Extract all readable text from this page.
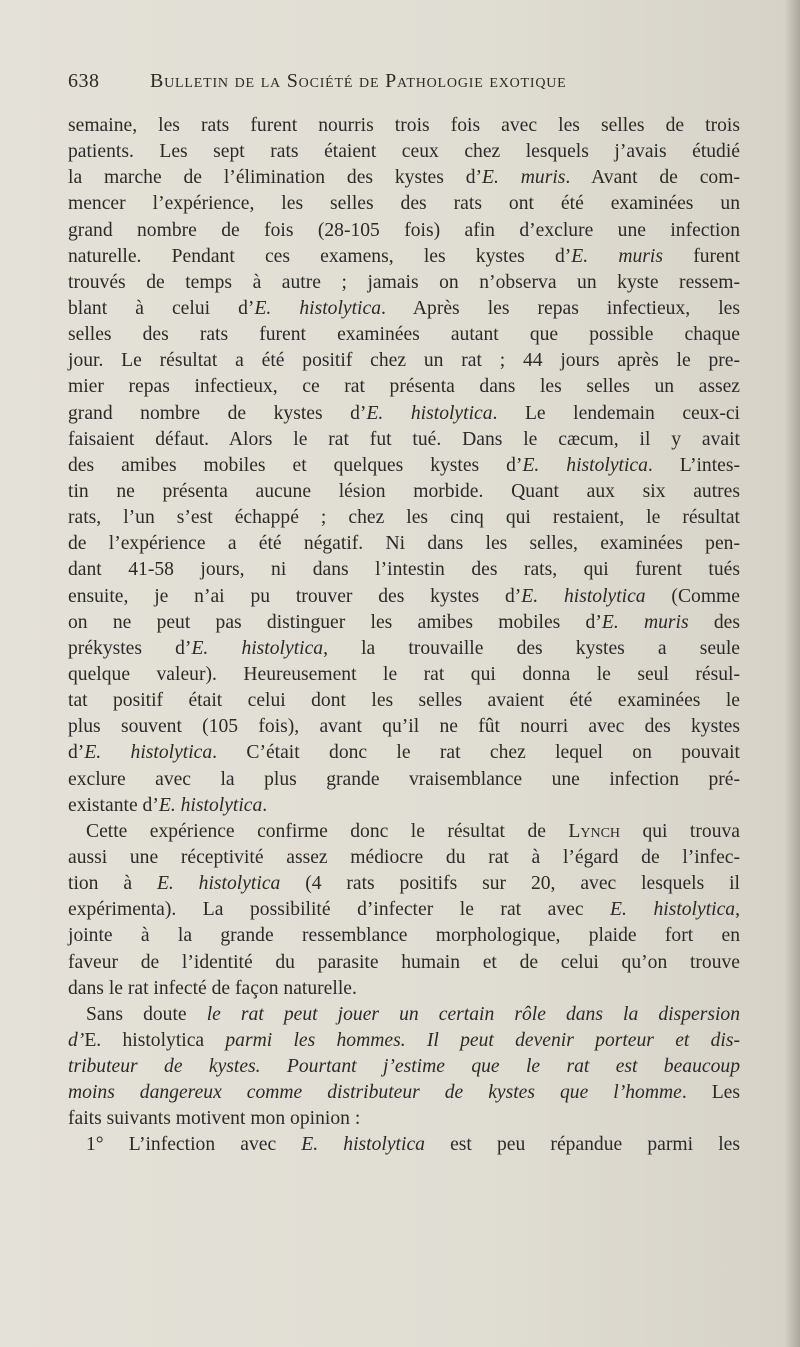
638	Bulletin de la Société de Pathologie exotique
semaine, les rats furent nourris trois fois avec les selles de trois
patients. Les sept rats étaient ceux chez lesquels j’avais étudié
la marche de l’élimination des kystes d’E. muris. Avant de com-
mencer l’expérience, les selles des rats ont été examinées un
grand nombre de fois (28-105 fois) afin d’exclure une infection
naturelle. Pendant ces examens, les kystes d’E. muris furent
trouvés de temps à autre ; jamais on n’observa un kyste ressem-
blant à celui d’E. histolytica. Après les repas infectieux, les
selles des rats furent examinées autant que possible chaque
jour. Le résultat a été positif chez un rat ; 44 jours après le pre-
mier repas infectieux, ce rat présenta dans les selles un assez
grand nombre de kystes d’E. histolytica. Le lendemain ceux-ci
faisaient défaut. Alors le rat fut tué. Dans le cæcum, il y avait
des amibes mobiles et quelques kystes d’E. histolytica. L’intes-
tin ne présenta aucune lésion morbide. Quant aux six autres
rats, l’un s’est échappé ; chez les cinq qui restaient, le résultat
de l’expérience a été négatif. Ni dans les selles, examinées pen-
dant 41-58 jours, ni dans l’intestin des rats, qui furent tués
ensuite, je n’ai pu trouver des kystes d’E. histolytica (Comme
on ne peut pas distinguer les amibes mobiles d’E. muris des
prékystes d’E. histolytica, la trouvaille des kystes a seule
quelque valeur). Heureusement le rat qui donna le seul résul-
tat positif était celui dont les selles avaient été examinées le
plus souvent (105 fois), avant qu’il ne fût nourri avec des kystes
d’E. histolytica. C’était donc le rat chez lequel on pouvait
exclure avec la plus grande vraisemblance une infection pré-
existante d’E. histolytica.
Cette expérience confirme donc le résultat de Lynch qui trouva
aussi une réceptivité assez médiocre du rat à l’égard de l’infec-
tion à E. histolytica (4 rats positifs sur 20, avec lesquels il
expérimenta). La possibilité d’infecter le rat avec E. histolytica,
jointe à la grande ressemblance morphologique, plaide fort en
faveur de l’identité du parasite humain et de celui qu’on trouve
dans le rat infecté de façon naturelle.
Sans doute le rat peut jouer un certain rôle dans la dispersion
d’E. histolytica parmi les hommes. Il peut devenir porteur et dis-
tributeur de kystes. Pourtant j’estime que le rat est beaucoup
moins dangereux comme distributeur de kystes que l’homme. Les
faits suivants motivent mon opinion :
1° L’infection avec E. histolytica est peu répandue parmi les
